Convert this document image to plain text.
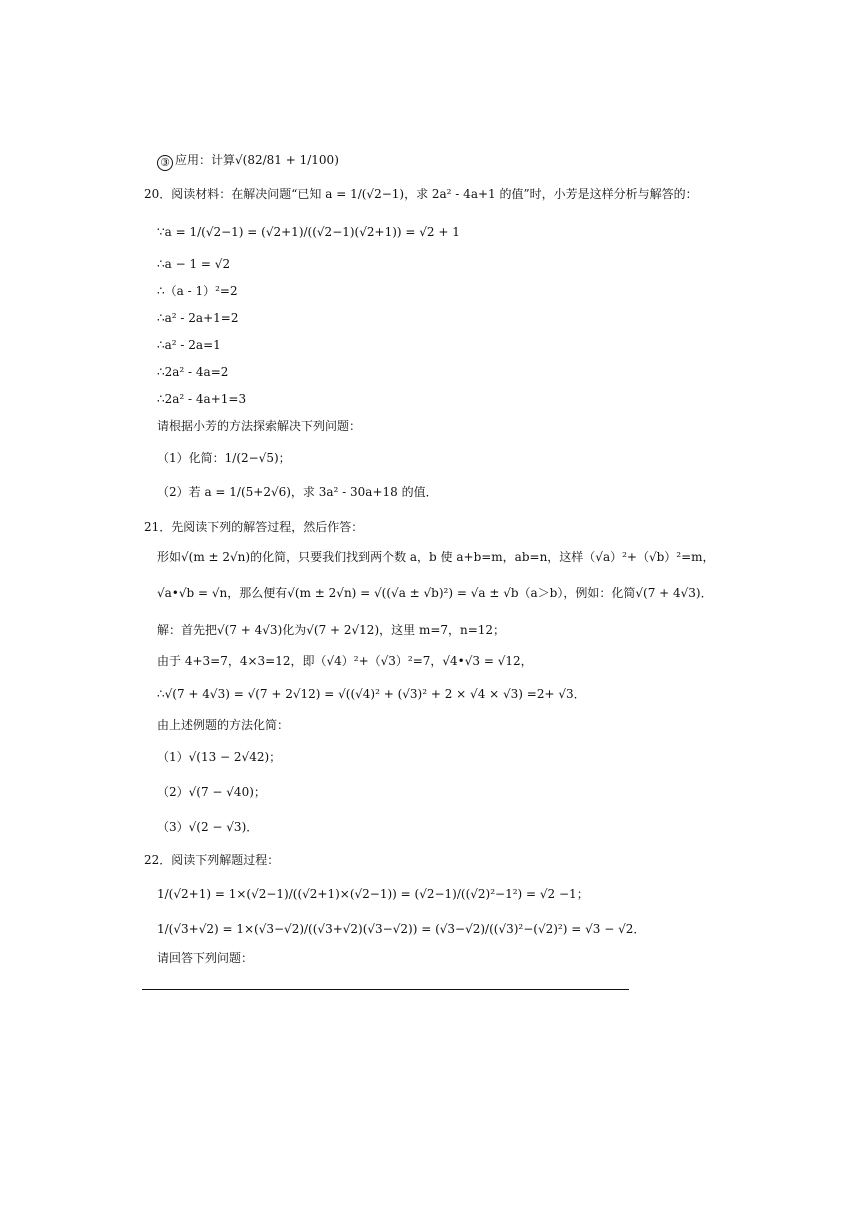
③ 应用：计算√(82/81 + 1/100)
20．阅读材料：在解决问题“已知 a = 1/(√2−1)，求 2a² - 4a+1 的值”时，小芳是这样分析与解答的：
∵a = 1/(√2−1) = (√2+1)/((√2−1)(√2+1)) = √2 + 1
∴a − 1 = √2
∴（a - 1）²=2
∴a² - 2a+1=2
∴a² - 2a=1
∴2a² - 4a=2
∴2a² - 4a+1=3
请根据小芳的方法探索解决下列问题：
（1）化简：1/(2−√5)；
（2）若 a = 1/(5+2√6)，求 3a² - 30a+18 的值．
21．先阅读下列的解答过程，然后作答：
形如√(m ± 2√n)的化简，只要我们找到两个数 a，b 使 a+b=m，ab=n，这样（√a）²+（√b）²=m，
√a•√b = √n，那么便有√(m ± 2√n) = √((√a ± √b)²) = √a ± √b（a＞b），例如：化简√(7 + 4√3)．
解：首先把√(7 + 4√3)化为√(7 + 2√12)，这里 m=7，n=12；
由于 4+3=7，4×3=12，即（√4）²+（√3）²=7，√4•√3 = √12，
∴√(7 + 4√3) = √(7 + 2√12) = √((√4)² + (√3)² + 2 × √4 × √3) =2+ √3．
由上述例题的方法化简：
（1）√(13 − 2√42)；
（2）√(7 − √40)；
（3）√(2 − √3)．
22．阅读下列解题过程：
1/(√2+1) = 1×(√2−1)/((√2+1)×(√2−1)) = (√2−1)/((√2)²−1²) = √2 −1；
1/(√3+√2) = 1×(√3−√2)/((√3+√2)(√3−√2)) = (√3−√2)/((√3)²−(√2)²) = √3 − √2．
请回答下列问题：
